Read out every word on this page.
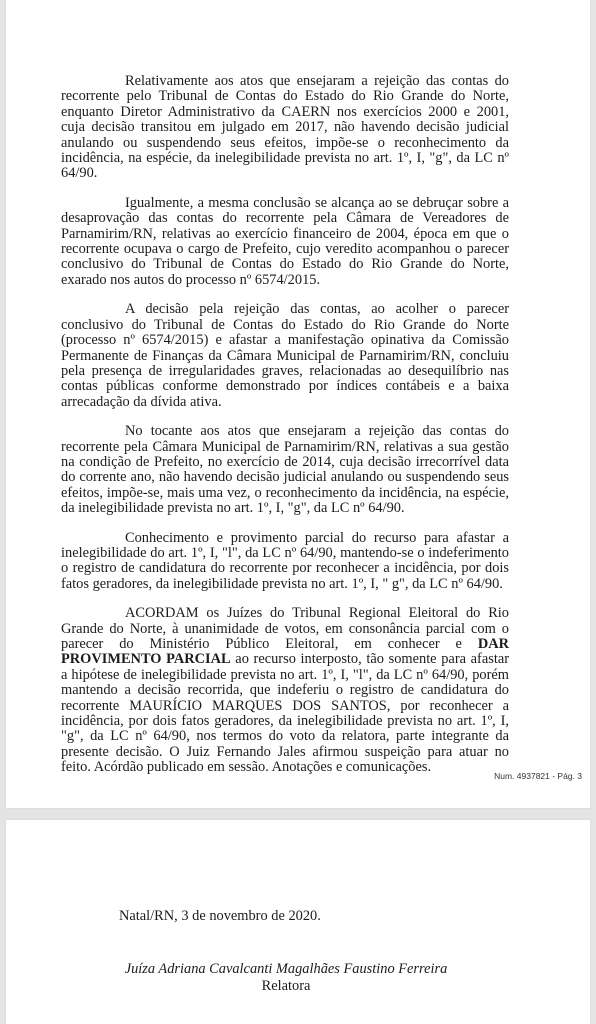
Relativamente aos atos que ensejaram a rejeição das contas do recorrente pelo Tribunal de Contas do Estado do Rio Grande do Norte, enquanto Diretor Administrativo da CAERN nos exercícios 2000 e 2001, cuja decisão transitou em julgado em 2017, não havendo decisão judicial anulando ou suspendendo seus efeitos, impõe-se o reconhecimento da incidência, na espécie, da inelegibilidade prevista no art. 1º, I, "g", da LC nº 64/90.

Igualmente, a mesma conclusão se alcança ao se debruçar sobre a desaprovação das contas do recorrente pela Câmara de Vereadores de Parnamirim/RN, relativas ao exercício financeiro de 2004, época em que o recorrente ocupava o cargo de Prefeito, cujo veredito acompanhou o parecer conclusivo do Tribunal de Contas do Estado do Rio Grande do Norte, exarado nos autos do processo nº 6574/2015.

A decisão pela rejeição das contas, ao acolher o parecer conclusivo do Tribunal de Contas do Estado do Rio Grande do Norte (processo nº 6574/2015) e afastar a manifestação opinativa da Comissão Permanente de Finanças da Câmara Municipal de Parnamirim/RN, concluiu pela presença de irregularidades graves, relacionadas ao desequilíbrio nas contas públicas conforme demonstrado por índices contábeis e a baixa arrecadação da dívida ativa.

No tocante aos atos que ensejaram a rejeição das contas do recorrente pela Câmara Municipal de Parnamirim/RN, relativas a sua gestão na condição de Prefeito, no exercício de 2014, cuja decisão irrecorrível data do corrente ano, não havendo decisão judicial anulando ou suspendendo seus efeitos, impõe-se, mais uma vez, o reconhecimento da incidência, na espécie, da inelegibilidade prevista no art. 1º, I, "g", da LC nº 64/90.

Conhecimento e provimento parcial do recurso para afastar a inelegibilidade do art. 1º, I, "l", da LC nº 64/90, mantendo-se o indeferimento o registro de candidatura do recorrente por reconhecer a incidência, por dois fatos geradores, da inelegibilidade prevista no art. 1º, I, " g", da LC nº 64/90.

ACORDAM os Juízes do Tribunal Regional Eleitoral do Rio Grande do Norte, à unanimidade de votos, em consonância parcial com o parecer do Ministério Público Eleitoral, em conhecer e DAR PROVIMENTO PARCIAL ao recurso interposto, tão somente para afastar a hipótese de inelegibilidade prevista no art. 1º, I, "l", da LC nº 64/90, porém mantendo a decisão recorrida, que indeferiu o registro de candidatura do recorrente MAURÍCIO MARQUES DOS SANTOS, por reconhecer a incidência, por dois fatos geradores, da inelegibilidade prevista no art. 1º, I, "g", da LC nº 64/90, nos termos do voto da relatora, parte integrante da presente decisão. O Juiz Fernando Jales afirmou suspeição para atuar no feito. Acórdão publicado em sessão. Anotações e comunicações.

Num. 4937821 - Pág. 3
Natal/RN, 3 de novembro de 2020.
Juíza Adriana Cavalcanti Magalhães Faustino Ferreira
Relatora
